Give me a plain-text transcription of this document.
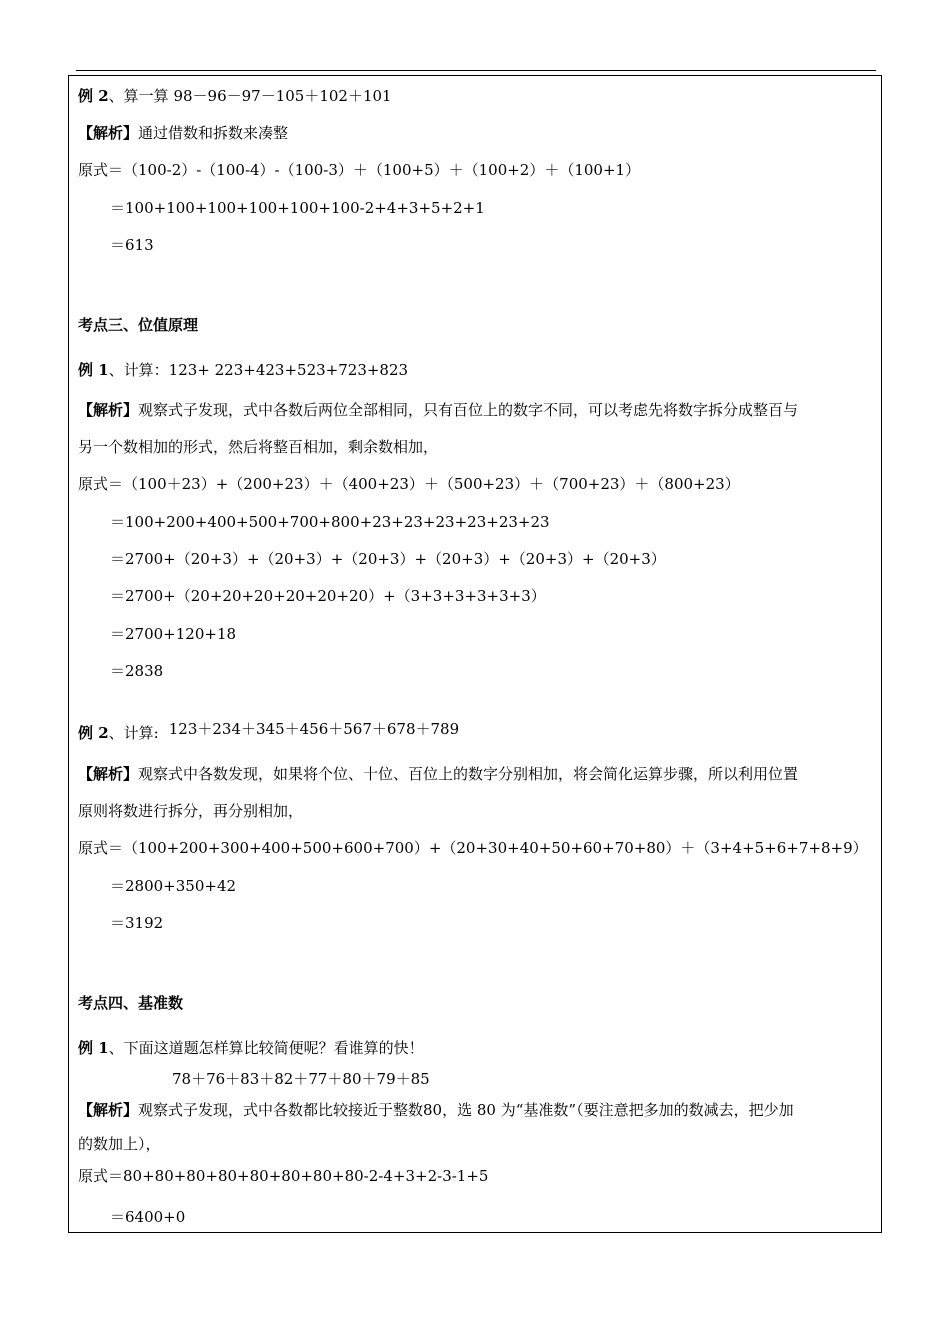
例 2、算一算 98－96－97－105＋102＋101
【解析】通过借数和拆数来凑整
原式＝（100-2）-（100-4）-（100-3）＋（100+5）＋（100+2）＋（100+1）
＝100+100+100+100+100+100-2+4+3+5+2+1
＝613
考点三、位值原理
例 1、计算：123+ 223+423+523+723+823
【解析】观察式子发现，式中各数后两位全部相同，只有百位上的数字不同，可以考虑先将数字拆分成整百与
另一个数相加的形式，然后将整百相加，剩余数相加，
原式＝（100＋23）+（200+23）＋（400+23）＋（500+23）＋（700+23）＋（800+23）
＝100+200+400+500+700+800+23+23+23+23+23+23
＝2700+（20+3）+（20+3）+（20+3）+（20+3）+（20+3）+（20+3）
＝2700+（20+20+20+20+20+20）+（3+3+3+3+3+3）
＝2700+120+18
＝2838
例 2、计算: 123＋234＋345＋456＋567＋678＋789
【解析】观察式中各数发现，如果将个位、十位、百位上的数字分别相加，将会简化运算步骤，所以利用位置
原则将数进行拆分，再分别相加，
原式＝（100+200+300+400+500+600+700）+（20+30+40+50+60+70+80）＋（3+4+5+6+7+8+9）
＝2800+350+42
＝3192
考点四、基准数
例 1、下面这道题怎样算比较简便呢？看谁算的快！
78＋76＋83＋82＋77＋80＋79＋85
【解析】观察式子发现，式中各数都比较接近于整数80，选 80 为“基准数”（要注意把多加的数减去，把少加
的数加上），
原式＝80+80+80+80+80+80+80+80-2-4+3+2-3-1+5
＝6400+0
